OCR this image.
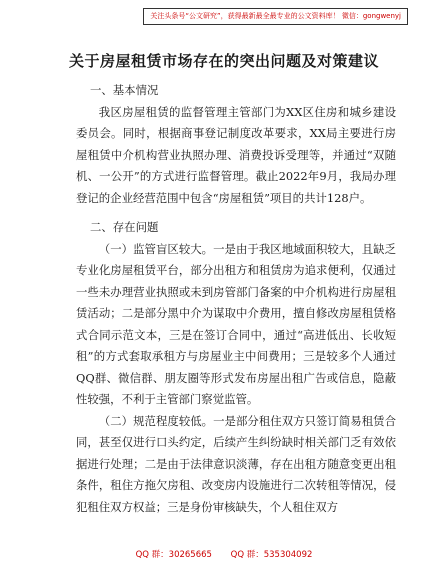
关注头条号“公文研究”，获得最新最全最专业的公文资料库！ 微信：gongwenyj
关于房屋租赁市场存在的突出问题及对策建议

一、基本情况

我区房屋租赁的监督管理主管部门为XX区住房和城乡建设委员会。同时，根据商事登记制度改革要求，XX局主要进行房屋租赁中介机构营业执照办理、消费投诉受理等，并通过“双随机、一公开”的方式进行监督管理。截止2022年9月，我局办理登记的企业经营范围中包含“房屋租赁”项目的共计128户。

二、存在问题

（一）监管盲区较大。一是由于我区地域面积较大，且缺乏专业化房屋租赁平台，部分出租方和租赁房为追求便利，仅通过一些未办理营业执照或未到房管部门备案的中介机构进行房屋租赁活动；二是部分黑中介为谋取中介费用，擅自修改房屋租赁格式合同示范文本，三是在签订合同中，通过“高进低出、长收短租”的方式套取承租方与房屋业主中间费用；三是较多个人通过QQ群、微信群、朋友圈等形式发布房屋出租广告或信息，隐蔽性较强，不利于主管部门察觉监管。

（二）规范程度较低。一是部分租住双方只签订简易租赁合同，甚至仅进行口头约定，后续产生纠纷缺时相关部门乏有效依据进行处理；二是由于法律意识淡薄，存在出租方随意变更出租条件，租住方拖欠房租、改变房内设施进行二次转租等情况，侵犯租住双方权益；三是身份审核缺失，个人租住双方

QQ 群：30265665 QQ 群：535304092
